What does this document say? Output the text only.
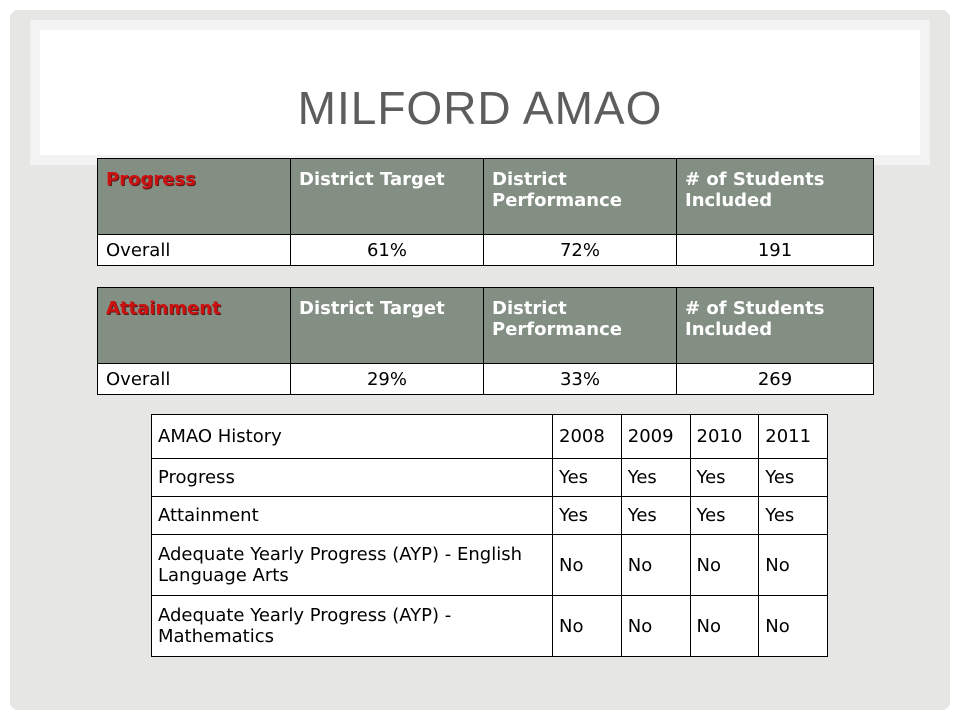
MILFORD AMAO
Progress	District Target	District Performance	# of Students Included
Overall	61%	72%	191
Attainment	District Target	District Performance	# of Students Included
Overall	29%	33%	269
AMAO History	2008	2009	2010	2011
Progress	Yes	Yes	Yes	Yes
Attainment	Yes	Yes	Yes	Yes
Adequate Yearly Progress (AYP) - English Language Arts	No	No	No	No
Adequate Yearly Progress (AYP) - Mathematics	No	No	No	No
